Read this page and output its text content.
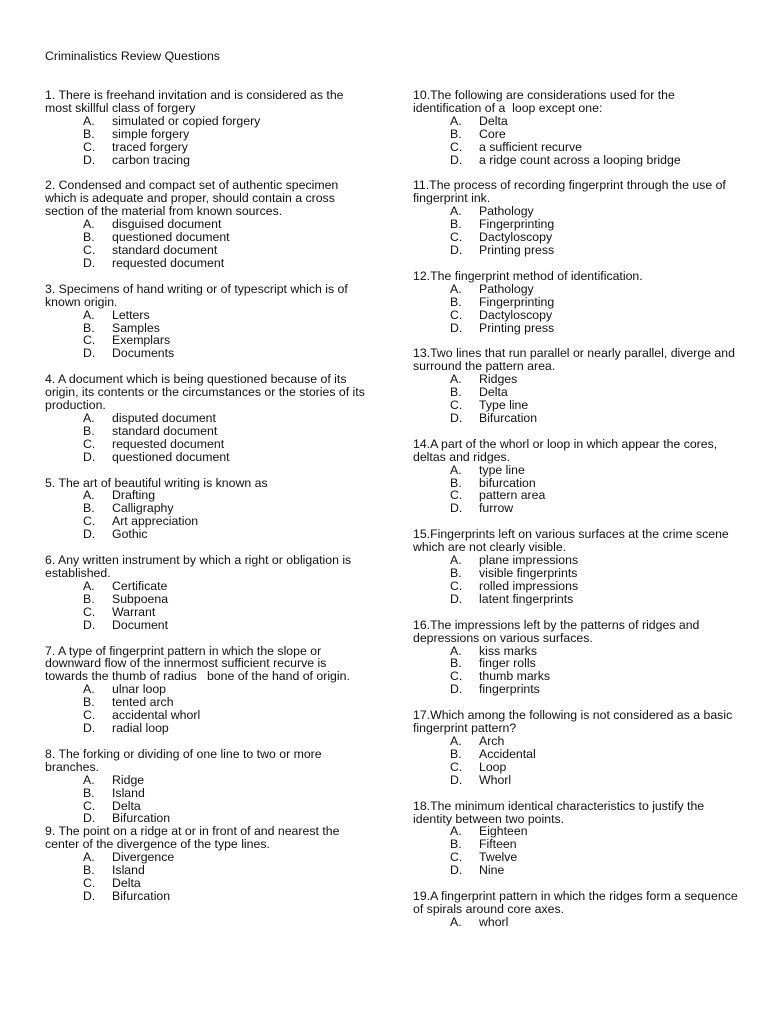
Criminalistics Review Questions
1. There is freehand invitation and is considered as the most skillful class of forgery
A.	simulated or copied forgery
B.	simple forgery
C.	traced forgery
D.	carbon tracing
2. Condensed and compact set of authentic specimen which is adequate and proper, should contain a cross section of the material from known sources.
A.	disguised document
B.	questioned document
C.	standard document
D.	requested document
3. Specimens of hand writing or of typescript which is of known origin.
A.	Letters
B.	Samples
C.	Exemplars
D.	Documents
4. A document which is being questioned because of its origin, its contents or the circumstances or the stories of its production.
A.	disputed document
B.	standard document
C.	requested document
D.	questioned document
5. The art of beautiful writing is known as
A.	Drafting
B.	Calligraphy
C.	Art appreciation
D.	Gothic
6. Any written instrument by which a right or obligation is established.
A.	Certificate
B.	Subpoena
C.	Warrant
D.	Document
7. A type of fingerprint pattern in which the slope or downward flow of the innermost sufficient recurve is towards the thumb of radius   bone of the hand of origin.
A.	ulnar loop
B.	tented arch
C.	accidental whorl
D.	radial loop
8. The forking or dividing of one line to two or more branches.
A.	Ridge
B.	Island
C.	Delta
D.	Bifurcation
9. The point on a ridge at or in front of and nearest the center of the divergence of the type lines.
A.	Divergence
B.	Island
C.	Delta
D.	Bifurcation
10.The following are considerations used for the identification of a  loop except one:
A.	Delta
B.	Core
C.	a sufficient recurve
D.	a ridge count across a looping bridge
11.The process of recording fingerprint through the use of fingerprint ink.
A.	Pathology
B.	Fingerprinting
C.	Dactyloscopy
D.	Printing press
12.The fingerprint method of identification.
A.	Pathology
B.	Fingerprinting
C.	Dactyloscopy
D.	Printing press
13.Two lines that run parallel or nearly parallel, diverge and surround the pattern area.
A.	Ridges
B.	Delta
C.	Type line
D.	Bifurcation
14.A part of the whorl or loop in which appear the cores, deltas and ridges.
A.	type line
B.	bifurcation
C.	pattern area
D.	furrow
15.Fingerprints left on various surfaces at the crime scene which are not clearly visible.
A.	plane impressions
B.	visible fingerprints
C.	rolled impressions
D.	latent fingerprints
16.The impressions left by the patterns of ridges and depressions on various surfaces.
A.	kiss marks
B.	finger rolls
C.	thumb marks
D.	fingerprints
17.Which among the following is not considered as a basic fingerprint pattern?
A.	Arch
B.	Accidental
C.	Loop
D.	Whorl
18.The minimum identical characteristics to justify the identity between two points.
A.	Eighteen
B.	Fifteen
C.	Twelve
D.	Nine
19.A fingerprint pattern in which the ridges form a sequence of spirals around core axes.
A.	whorl
